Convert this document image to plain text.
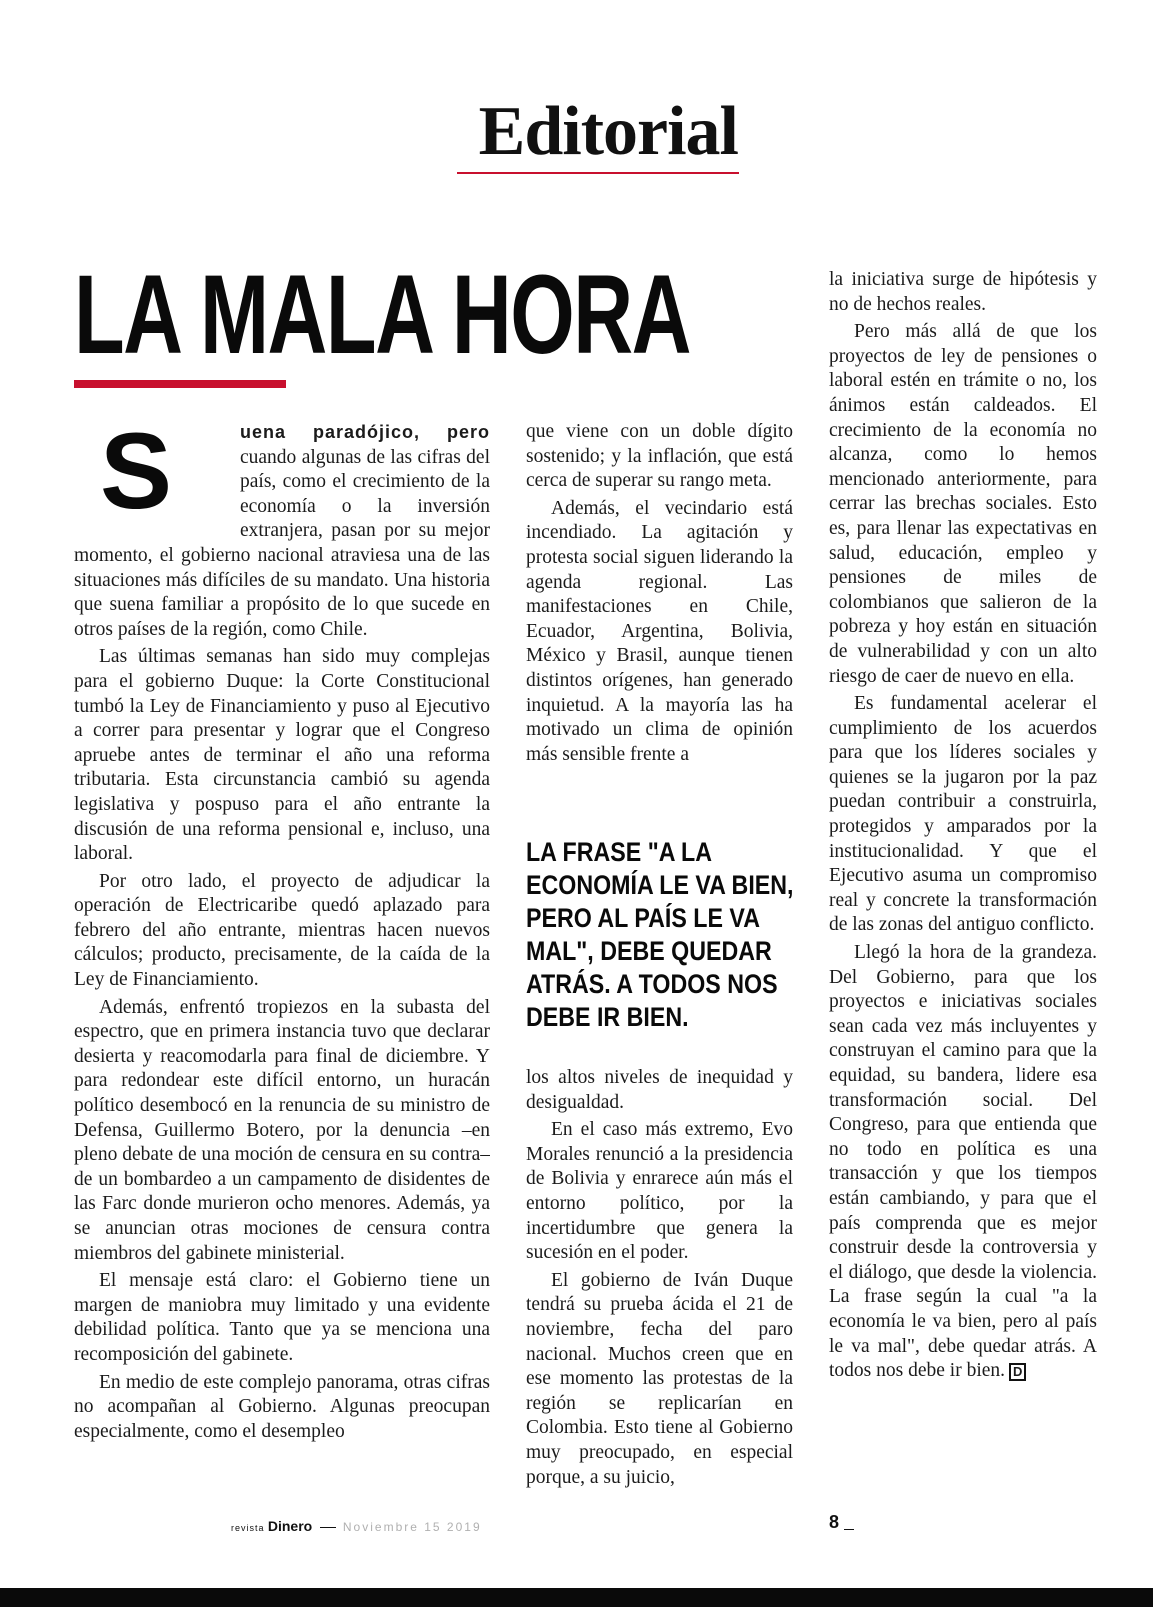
Editorial
LA MALA HORA

S	uena paradójico, pero cuando algunas de las cifras del país, como el crecimiento de la economía o la inversión extranjera, pasan por su mejor momento, el gobierno nacional atraviesa una de las situaciones más difíciles de su mandato. Una historia que suena familiar a propósito de lo que sucede en otros países de la región, como Chile.

Las últimas semanas han sido muy complejas para el gobierno Duque: la Corte Constitucional tumbó la Ley de Financiamiento y puso al Ejecutivo a correr para presentar y lograr que el Congreso apruebe antes de terminar el año una reforma tributaria. Esta circunstancia cambió su agenda legislativa y pospuso para el año entrante la discusión de una reforma pensional e, incluso, una laboral.

Por otro lado, el proyecto de adjudicar la operación de Electricaribe quedó aplazado para febrero del año entrante, mientras hacen nuevos cálculos; producto, precisamente, de la caída de la Ley de Financiamiento.

Además, enfrentó tropiezos en la subasta del espectro, que en primera instancia tuvo que declarar desierta y reacomodarla para final de diciembre. Y para redondear este difícil entorno, un huracán político desembocó en la renuncia de su ministro de Defensa, Guillermo Botero, por la denuncia –en pleno debate de una moción de censura en su contra– de un bombardeo a un campamento de disidentes de las Farc donde murieron ocho menores. Además, ya se anuncian otras mociones de censura contra miembros del gabinete ministerial.

El mensaje está claro: el Gobierno tiene un margen de maniobra muy limitado y una evidente debilidad política. Tanto que ya se menciona una recomposición del gabinete.

En medio de este complejo panorama, otras cifras no acompañan al Gobierno. Algunas preocupan especialmente, como el desempleo

que viene con un doble dígito sostenido; y la inflación, que está cerca de superar su rango meta.

Además, el vecindario está incendiado. La agitación y protesta social siguen liderando la agenda regional. Las manifestaciones en Chile, Ecuador, Argentina, Bolivia, México y Brasil, aunque tienen distintos orígenes, han generado inquietud. A la mayoría las ha motivado un clima de opinión más sensible frente a

LA FRASE "A LA ECONOMÍA LE VA BIEN, PERO AL PAÍS LE VA MAL", DEBE QUEDAR ATRÁS. A TODOS NOS DEBE IR BIEN.

los altos niveles de inequidad y desigualdad.

En el caso más extremo, Evo Morales renunció a la presidencia de Bolivia y enrarece aún más el entorno político, por la incertidumbre que genera la sucesión en el poder.

El gobierno de Iván Duque tendrá su prueba ácida el 21 de noviembre, fecha del paro nacional. Muchos creen que en ese momento las protestas de la región se replicarían en Colombia. Esto tiene al Gobierno muy preocupado, en especial porque, a su juicio,

la iniciativa surge de hipótesis y no de hechos reales.

Pero más allá de que los proyectos de ley de pensiones o laboral estén en trámite o no, los ánimos están caldeados. El crecimiento de la economía no alcanza, como lo hemos mencionado anteriormente, para cerrar las brechas sociales. Esto es, para llenar las expectativas en salud, educación, empleo y pensiones de miles de colombianos que salieron de la pobreza y hoy están en situación de vulnerabilidad y con un alto riesgo de caer de nuevo en ella.

Es fundamental acelerar el cumplimiento de los acuerdos para que los líderes sociales y quienes se la jugaron por la paz puedan contribuir a construirla, protegidos y amparados por la institucionalidad. Y que el Ejecutivo asuma un compromiso real y concrete la transformación de las zonas del antiguo conflicto.

Llegó la hora de la grandeza. Del Gobierno, para que los proyectos e iniciativas sociales sean cada vez más incluyentes y construyan el camino para que la equidad, su bandera, lidere esa transformación social. Del Congreso, para que entienda que no todo en política es una transacción y que los tiempos están cambiando, y para que el país comprenda que es mejor construir desde la controversia y el diálogo, que desde la violencia. La frase según la cual "a la economía le va bien, pero al país le va mal", debe quedar atrás. A todos nos debe ir bien. D

revista Dinero	Noviembre 15 2019	8
